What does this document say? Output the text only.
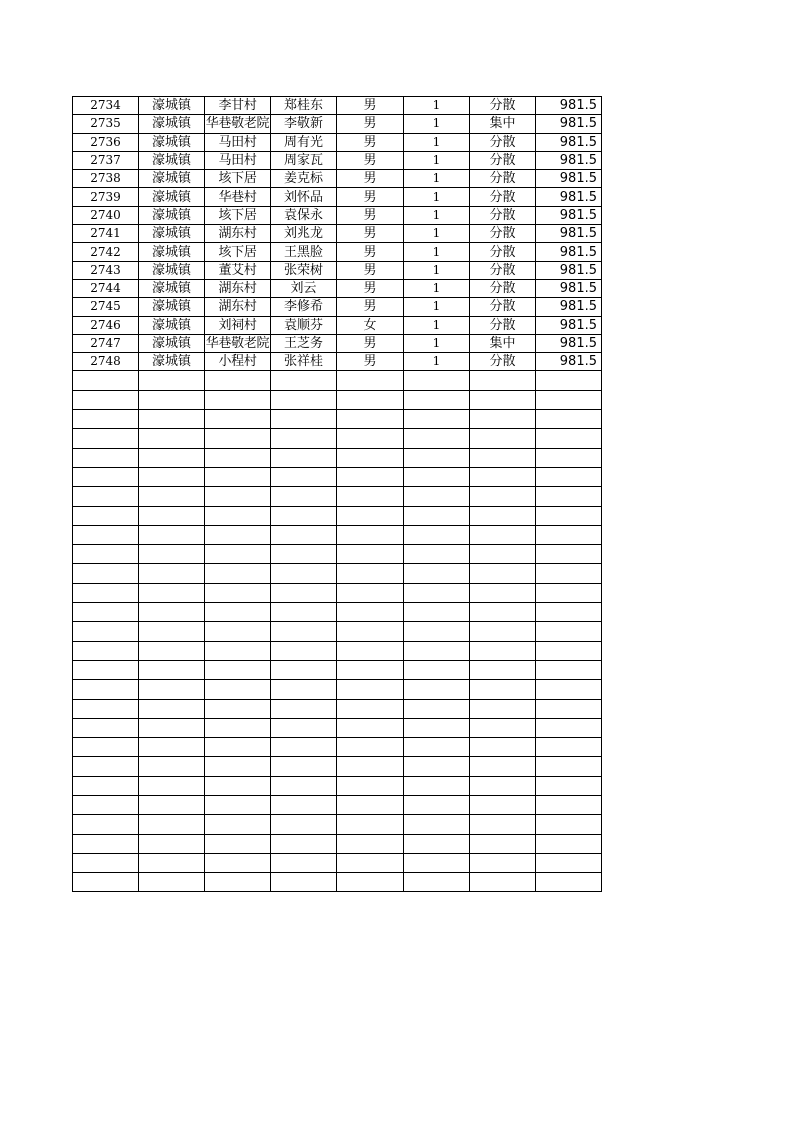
2734	濠城镇	李甘村	郑桂东	男	1	分散	981.5
2735	濠城镇	华巷敬老院	李敬新	男	1	集中	981.5
2736	濠城镇	马田村	周有光	男	1	分散	981.5
2737	濠城镇	马田村	周家瓦	男	1	分散	981.5
2738	濠城镇	垓下居	姜克标	男	1	分散	981.5
2739	濠城镇	华巷村	刘怀品	男	1	分散	981.5
2740	濠城镇	垓下居	袁保永	男	1	分散	981.5
2741	濠城镇	湖东村	刘兆龙	男	1	分散	981.5
2742	濠城镇	垓下居	王黑脸	男	1	分散	981.5
2743	濠城镇	董艾村	张荣树	男	1	分散	981.5
2744	濠城镇	湖东村	刘云	男	1	分散	981.5
2745	濠城镇	湖东村	李修希	男	1	分散	981.5
2746	濠城镇	刘祠村	袁顺芬	女	1	分散	981.5
2747	濠城镇	华巷敬老院	王芝务	男	1	集中	981.5
2748	濠城镇	小程村	张祥桂	男	1	分散	981.5
